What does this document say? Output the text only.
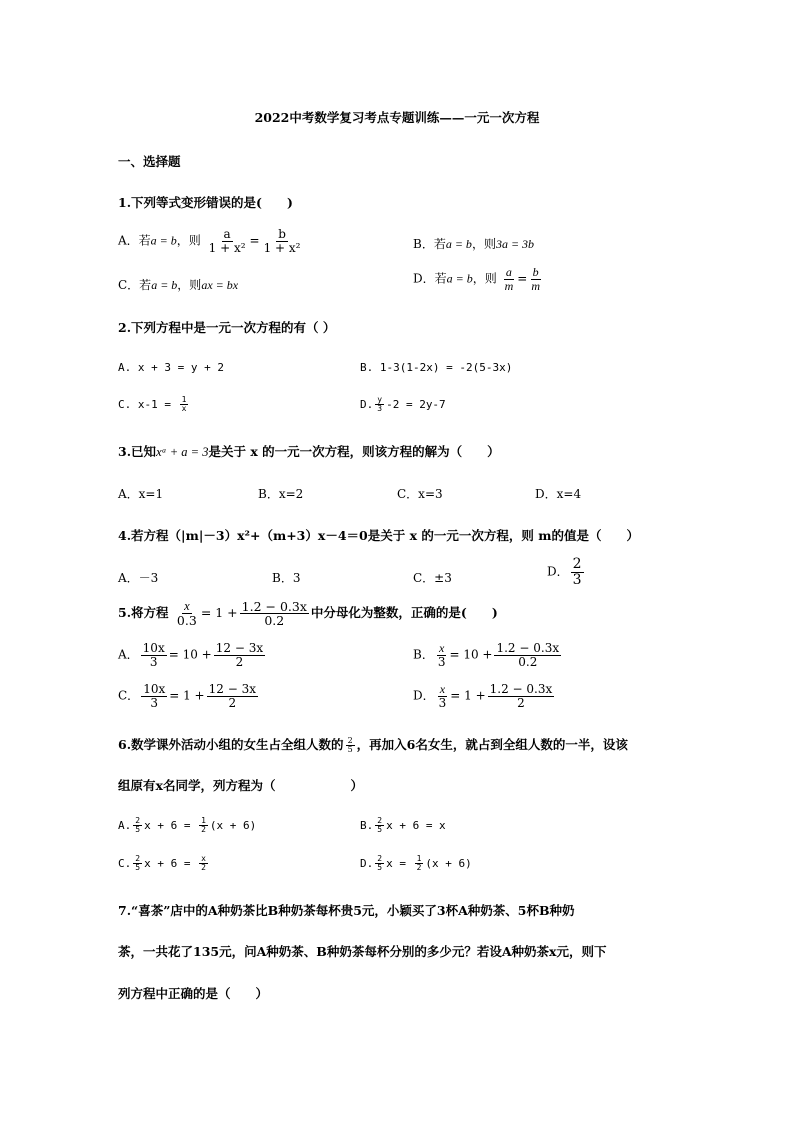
2022中考数学复习考点专题训练——一元一次方程
一、选择题
1.下列等式变形错误的是(　　)
A．若a = b，则 $\frac{a}{\text{1 + x²}} = \frac{b}{\text{1 + x²}}$	B．若a = b，则3a = 3b
C．若a = b，则ax = bx	D．若a = b，则 $\frac{a}{m} = \frac{b}{m}$
2.下列方程中是一元一次方程的有（ ）
A. x + 3 = y + 2	B. 1-3(1-2x) = -2(5-3x)
C. $x-1 = \frac{1}{x}$	D. $\frac{y}{3} -2 = 2y-7$
3.已知xᵃ + a = 3是关于 x 的一元一次方程，则该方程的解为（　　）
A．x=1	B．x=2	C．x=3	D．x=4
4.若方程（|m|－3）x²+（m+3）x－4＝0是关于 x 的一元一次方程，则 m的值是（　　）
A．－3	B．3	C．±3	D． $\frac{2}{3}$
5.将方程 $\frac{x}{0.3} = 1 + \frac{1.2 - 0.3x}{0.2}$ 中分母化为整数，正确的是(　　)
A． $\frac{10x}{3} = 10 + \frac{12 - 3x}{2}$	B． $\frac{x}{3} = 10 + \frac{1.2 - 0.3x}{0.2}$
C． $\frac{10x}{3} = 1 + \frac{12 - 3x}{2}$	D． $\frac{x}{3} = 1 + \frac{1.2 - 0.3x}{2}$
6.数学课外活动小组的女生占全组人数的 $\frac{2}{5}$ ，再加入6名女生，就占到全组人数的一半，设该
组原有x名同学，列方程为（　　　　　　）
A. $\frac{2}{5}$ $x + 6 = \frac{1}{2} (x + 6)$	B. $\frac{2}{5}$ x + 6 = x
C. $\frac{2}{5}$ $x + 6 = \frac{x}{2}$	D. $\frac{2}{5}$ $x = \frac{1}{2} (x + 6)$
7.“喜茶”店中的A种奶茶比B种奶茶每杯贵5元，小颖买了3杯A种奶茶、5杯B种奶
茶，一共花了135元，问A种奶茶、B种奶茶每杯分别的多少元？若设A种奶茶x元，则下
列方程中正确的是（　　）
